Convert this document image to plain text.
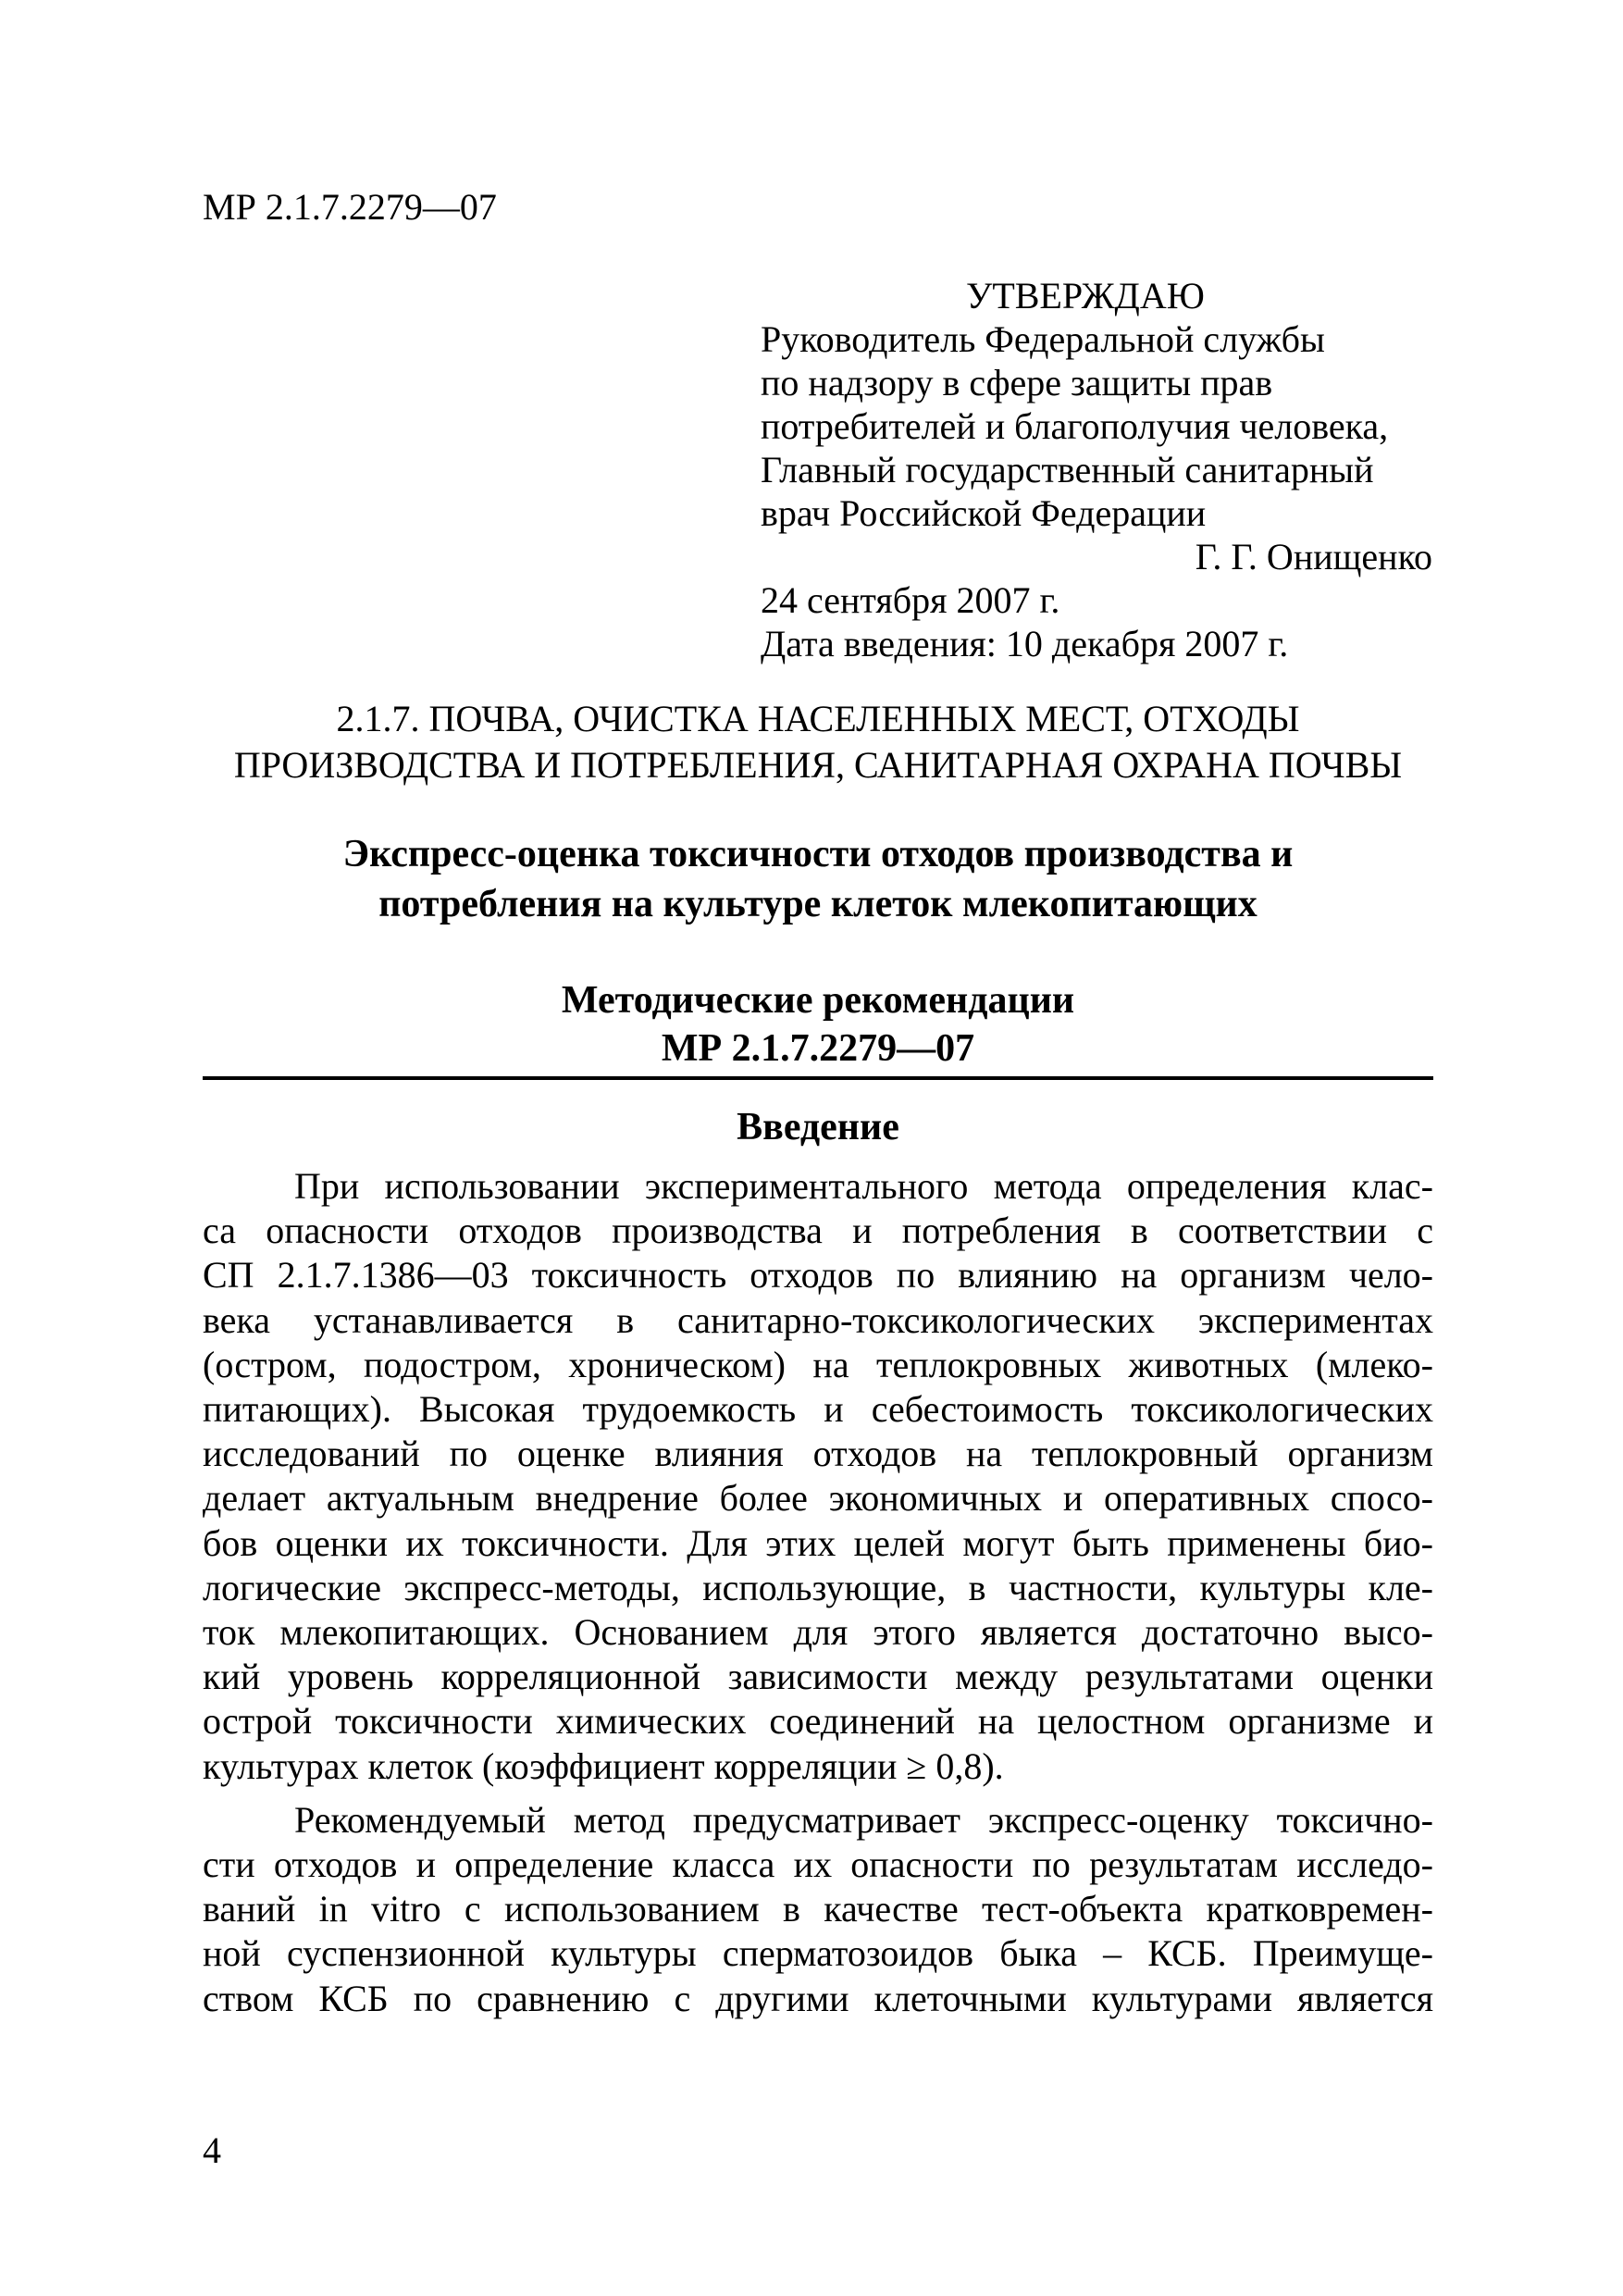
МР 2.1.7.2279—07
УТВЕРЖДАЮ
Руководитель Федеральной службы
по надзору в сфере защиты прав
потребителей и благополучия человека,
Главный государственный санитарный
врач Российской Федерации
Г. Г. Онищенко
24 сентября 2007 г.
Дата введения: 10 декабря 2007 г.
2.1.7. ПОЧВА, ОЧИСТКА НАСЕЛЕННЫХ МЕСТ, ОТХОДЫ
ПРОИЗВОДСТВА И ПОТРЕБЛЕНИЯ, САНИТАРНАЯ ОХРАНА ПОЧВЫ
Экспресс-оценка токсичности отходов производства и
потребления на культуре клеток млекопитающих
Методические рекомендации
МР 2.1.7.2279—07
Введение
При использовании экспериментального метода определения клас-
са опасности отходов производства и потребления в соответствии с
СП 2.1.7.1386—03 токсичность отходов по влиянию на организм чело-
века устанавливается в санитарно-токсикологических экспериментах
(остром, подостром, хроническом) на теплокровных животных (млеко-
питающих). Высокая трудоемкость и себестоимость токсикологических
исследований по оценке влияния отходов на теплокровный организм
делает актуальным внедрение более экономичных и оперативных спосо-
бов оценки их токсичности. Для этих целей могут быть применены био-
логические экспресс-методы, использующие, в частности, культуры кле-
ток млекопитающих. Основанием для этого является достаточно высо-
кий уровень корреляционной зависимости между результатами оценки
острой токсичности химических соединений на целостном организме и
культурах клеток (коэффициент корреляции ≥ 0,8).
Рекомендуемый метод предусматривает экспресс-оценку токсично-
сти отходов и определение класса их опасности по результатам исследо-
ваний in vitro с использованием в качестве тест-объекта кратковремен-
ной суспензионной культуры сперматозоидов быка – КСБ. Преимуще-
ством КСБ по сравнению с другими клеточными культурами является
4
